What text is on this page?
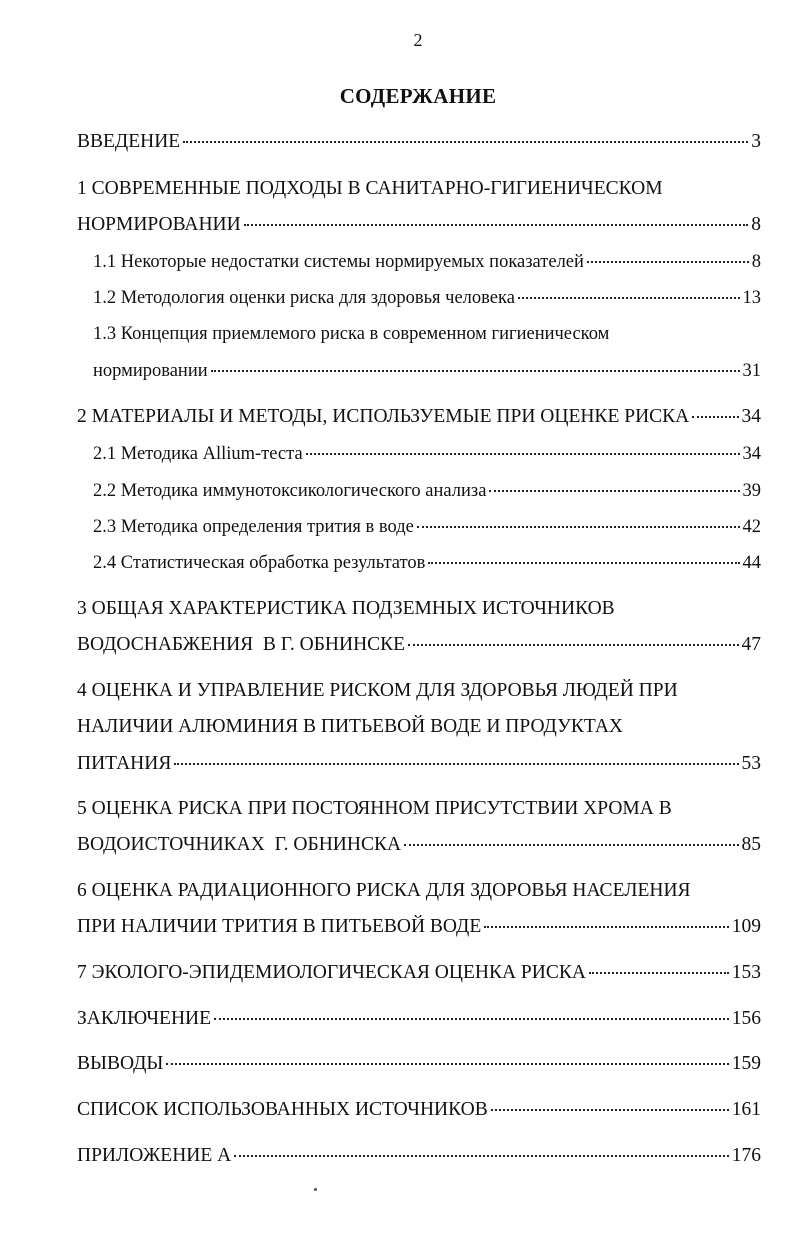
2
СОДЕРЖАНИЕ
ВВЕДЕНИЕ	3
1 СОВРЕМЕННЫЕ ПОДХОДЫ В САНИТАРНО-ГИГИЕНИЧЕСКОМ
НОРМИРОВАНИИ	8
1.1 Некоторые недостатки системы нормируемых показателей	8
1.2 Методология оценки риска для здоровья человека	13
1.3 Концепция приемлемого риска в современном гигиеническом
нормировании	31
2 МАТЕРИАЛЫ И МЕТОДЫ, ИСПОЛЬЗУЕМЫЕ ПРИ ОЦЕНКЕ РИСКА	34
2.1 Методика Allium-теста	34
2.2 Методика иммунотоксикологического анализа	39
2.3 Методика определения трития в воде	42
2.4 Статистическая обработка результатов	44
3 ОБЩАЯ ХАРАКТЕРИСТИКА ПОДЗЕМНЫХ ИСТОЧНИКОВ
ВОДОСНАБЖЕНИЯ  В Г. ОБНИНСКЕ	47
4 ОЦЕНКА И УПРАВЛЕНИЕ РИСКОМ ДЛЯ ЗДОРОВЬЯ ЛЮДЕЙ ПРИ
НАЛИЧИИ АЛЮМИНИЯ В ПИТЬЕВОЙ ВОДЕ И ПРОДУКТАХ
ПИТАНИЯ	53
5 ОЦЕНКА РИСКА ПРИ ПОСТОЯННОМ ПРИСУТСТВИИ ХРОМА В
ВОДОИСТОЧНИКАХ  Г. ОБНИНСКА	85
6 ОЦЕНКА РАДИАЦИОННОГО РИСКА ДЛЯ ЗДОРОВЬЯ НАСЕЛЕНИЯ
ПРИ НАЛИЧИИ ТРИТИЯ В ПИТЬЕВОЙ ВОДЕ	109
7 ЭКОЛОГО-ЭПИДЕМИОЛОГИЧЕСКАЯ ОЦЕНКА РИСКА	153
ЗАКЛЮЧЕНИЕ	156
ВЫВОДЫ	159
СПИСОК ИСПОЛЬЗОВАННЫХ ИСТОЧНИКОВ	161
ПРИЛОЖЕНИЕ А	176
